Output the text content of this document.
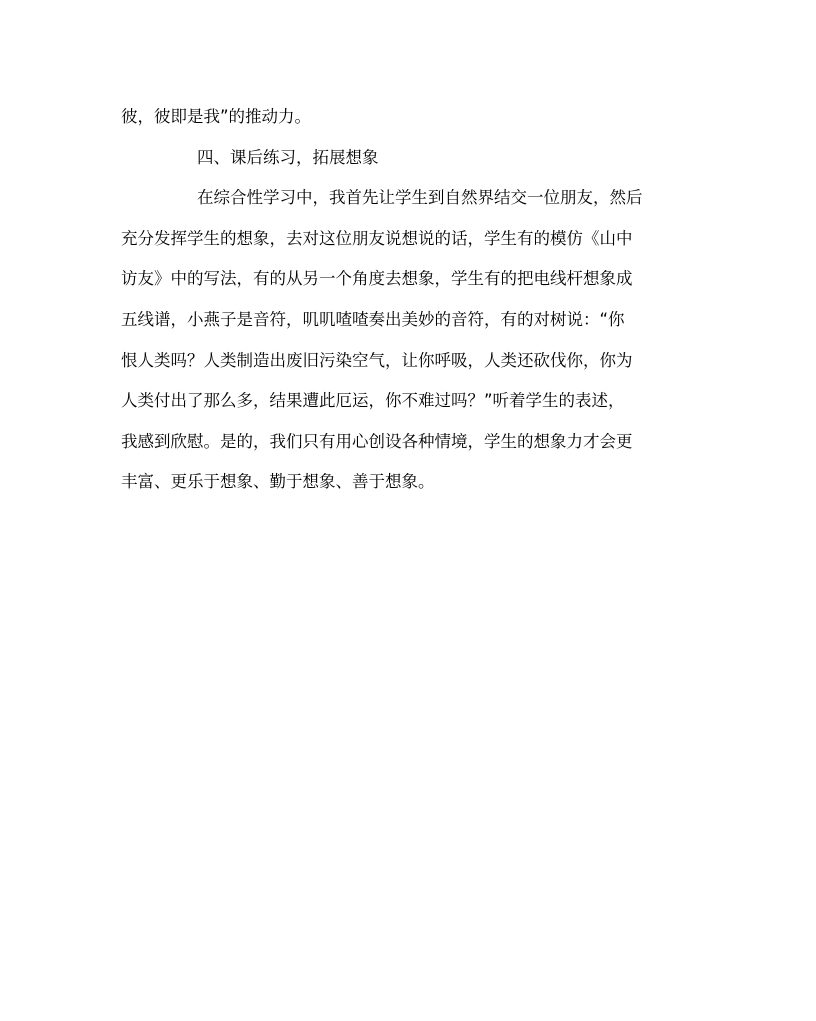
彼，彼即是我”的推动力。
四、课后练习，拓展想象
在综合性学习中，我首先让学生到自然界结交一位朋友，然后
充分发挥学生的想象，去对这位朋友说想说的话，学生有的模仿《山中
访友》中的写法，有的从另一个角度去想象，学生有的把电线杆想象成
五线谱，小燕子是音符，叽叽喳喳奏出美妙的音符，有的对树说：“你
恨人类吗？人类制造出废旧污染空气，让你呼吸，人类还砍伐你，你为
人类付出了那么多，结果遭此厄运，你不难过吗？”听着学生的表述，
我感到欣慰。是的，我们只有用心创设各种情境，学生的想象力才会更
丰富、更乐于想象、勤于想象、善于想象。
